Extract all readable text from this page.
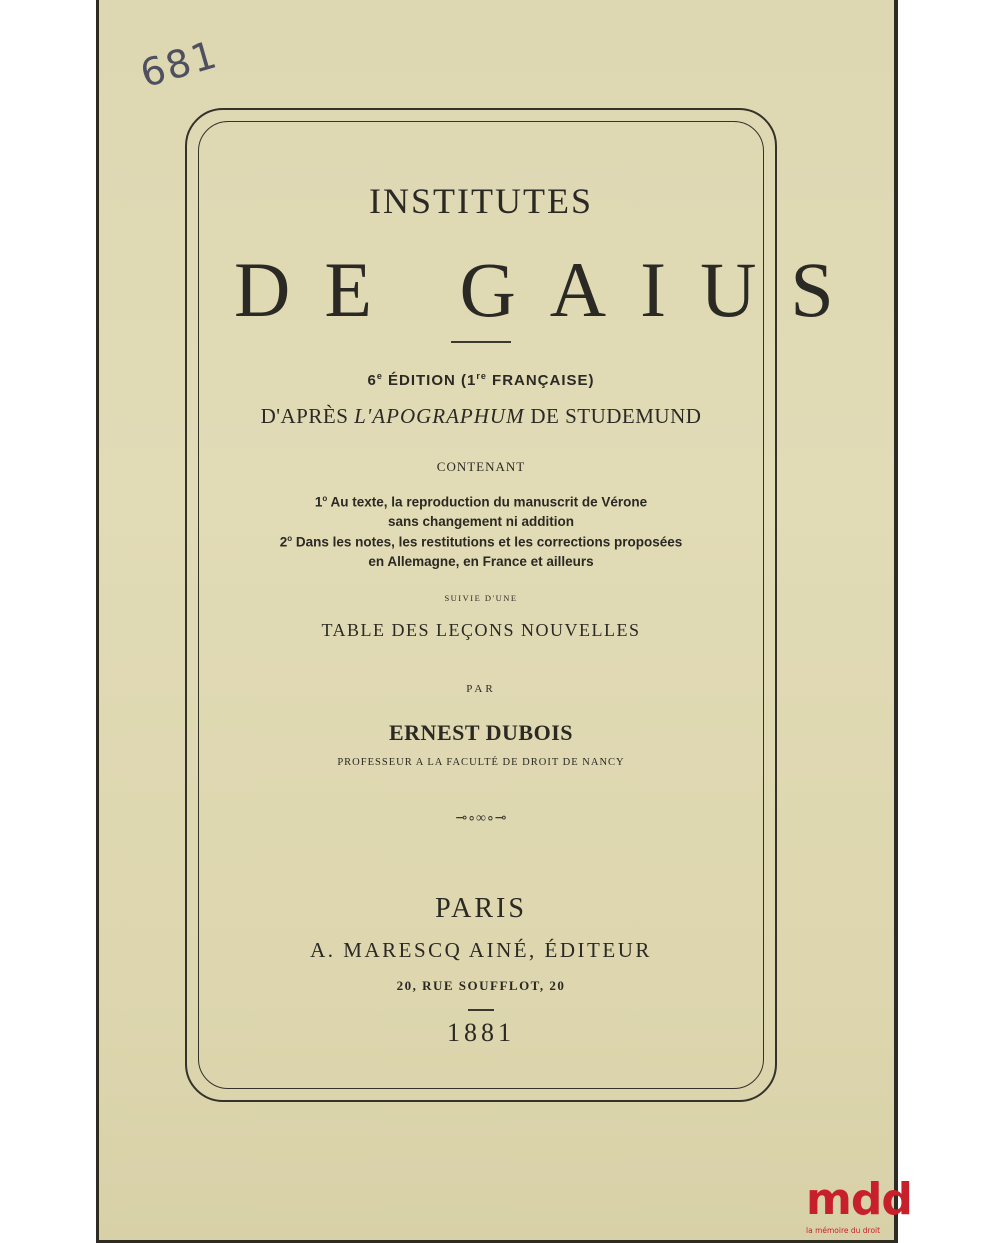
681
INSTITUTES
DE GAIUS
6e ÉDITION (1re FRANÇAISE)
D'APRÈS L'APOGRAPHUM DE STUDEMUND
CONTENANT
1$^o$ Au texte, la reproduction du manuscrit de Vérone
sans changement ni addition
2$^o$ Dans les notes, les restitutions et les corrections proposées
en Allemagne, en France et ailleurs
SUIVIE D'UNE
TABLE DES LEÇONS NOUVELLES
PAR
ERNEST DUBOIS
PROFESSEUR A LA FACULTÉ DE DROIT DE NANCY
⊸∘∞∘⊸
PARIS
A. MARESCQ AINÉ, ÉDITEUR
20, RUE SOUFFLOT, 20
1881
mdd
la mémoire du droit
